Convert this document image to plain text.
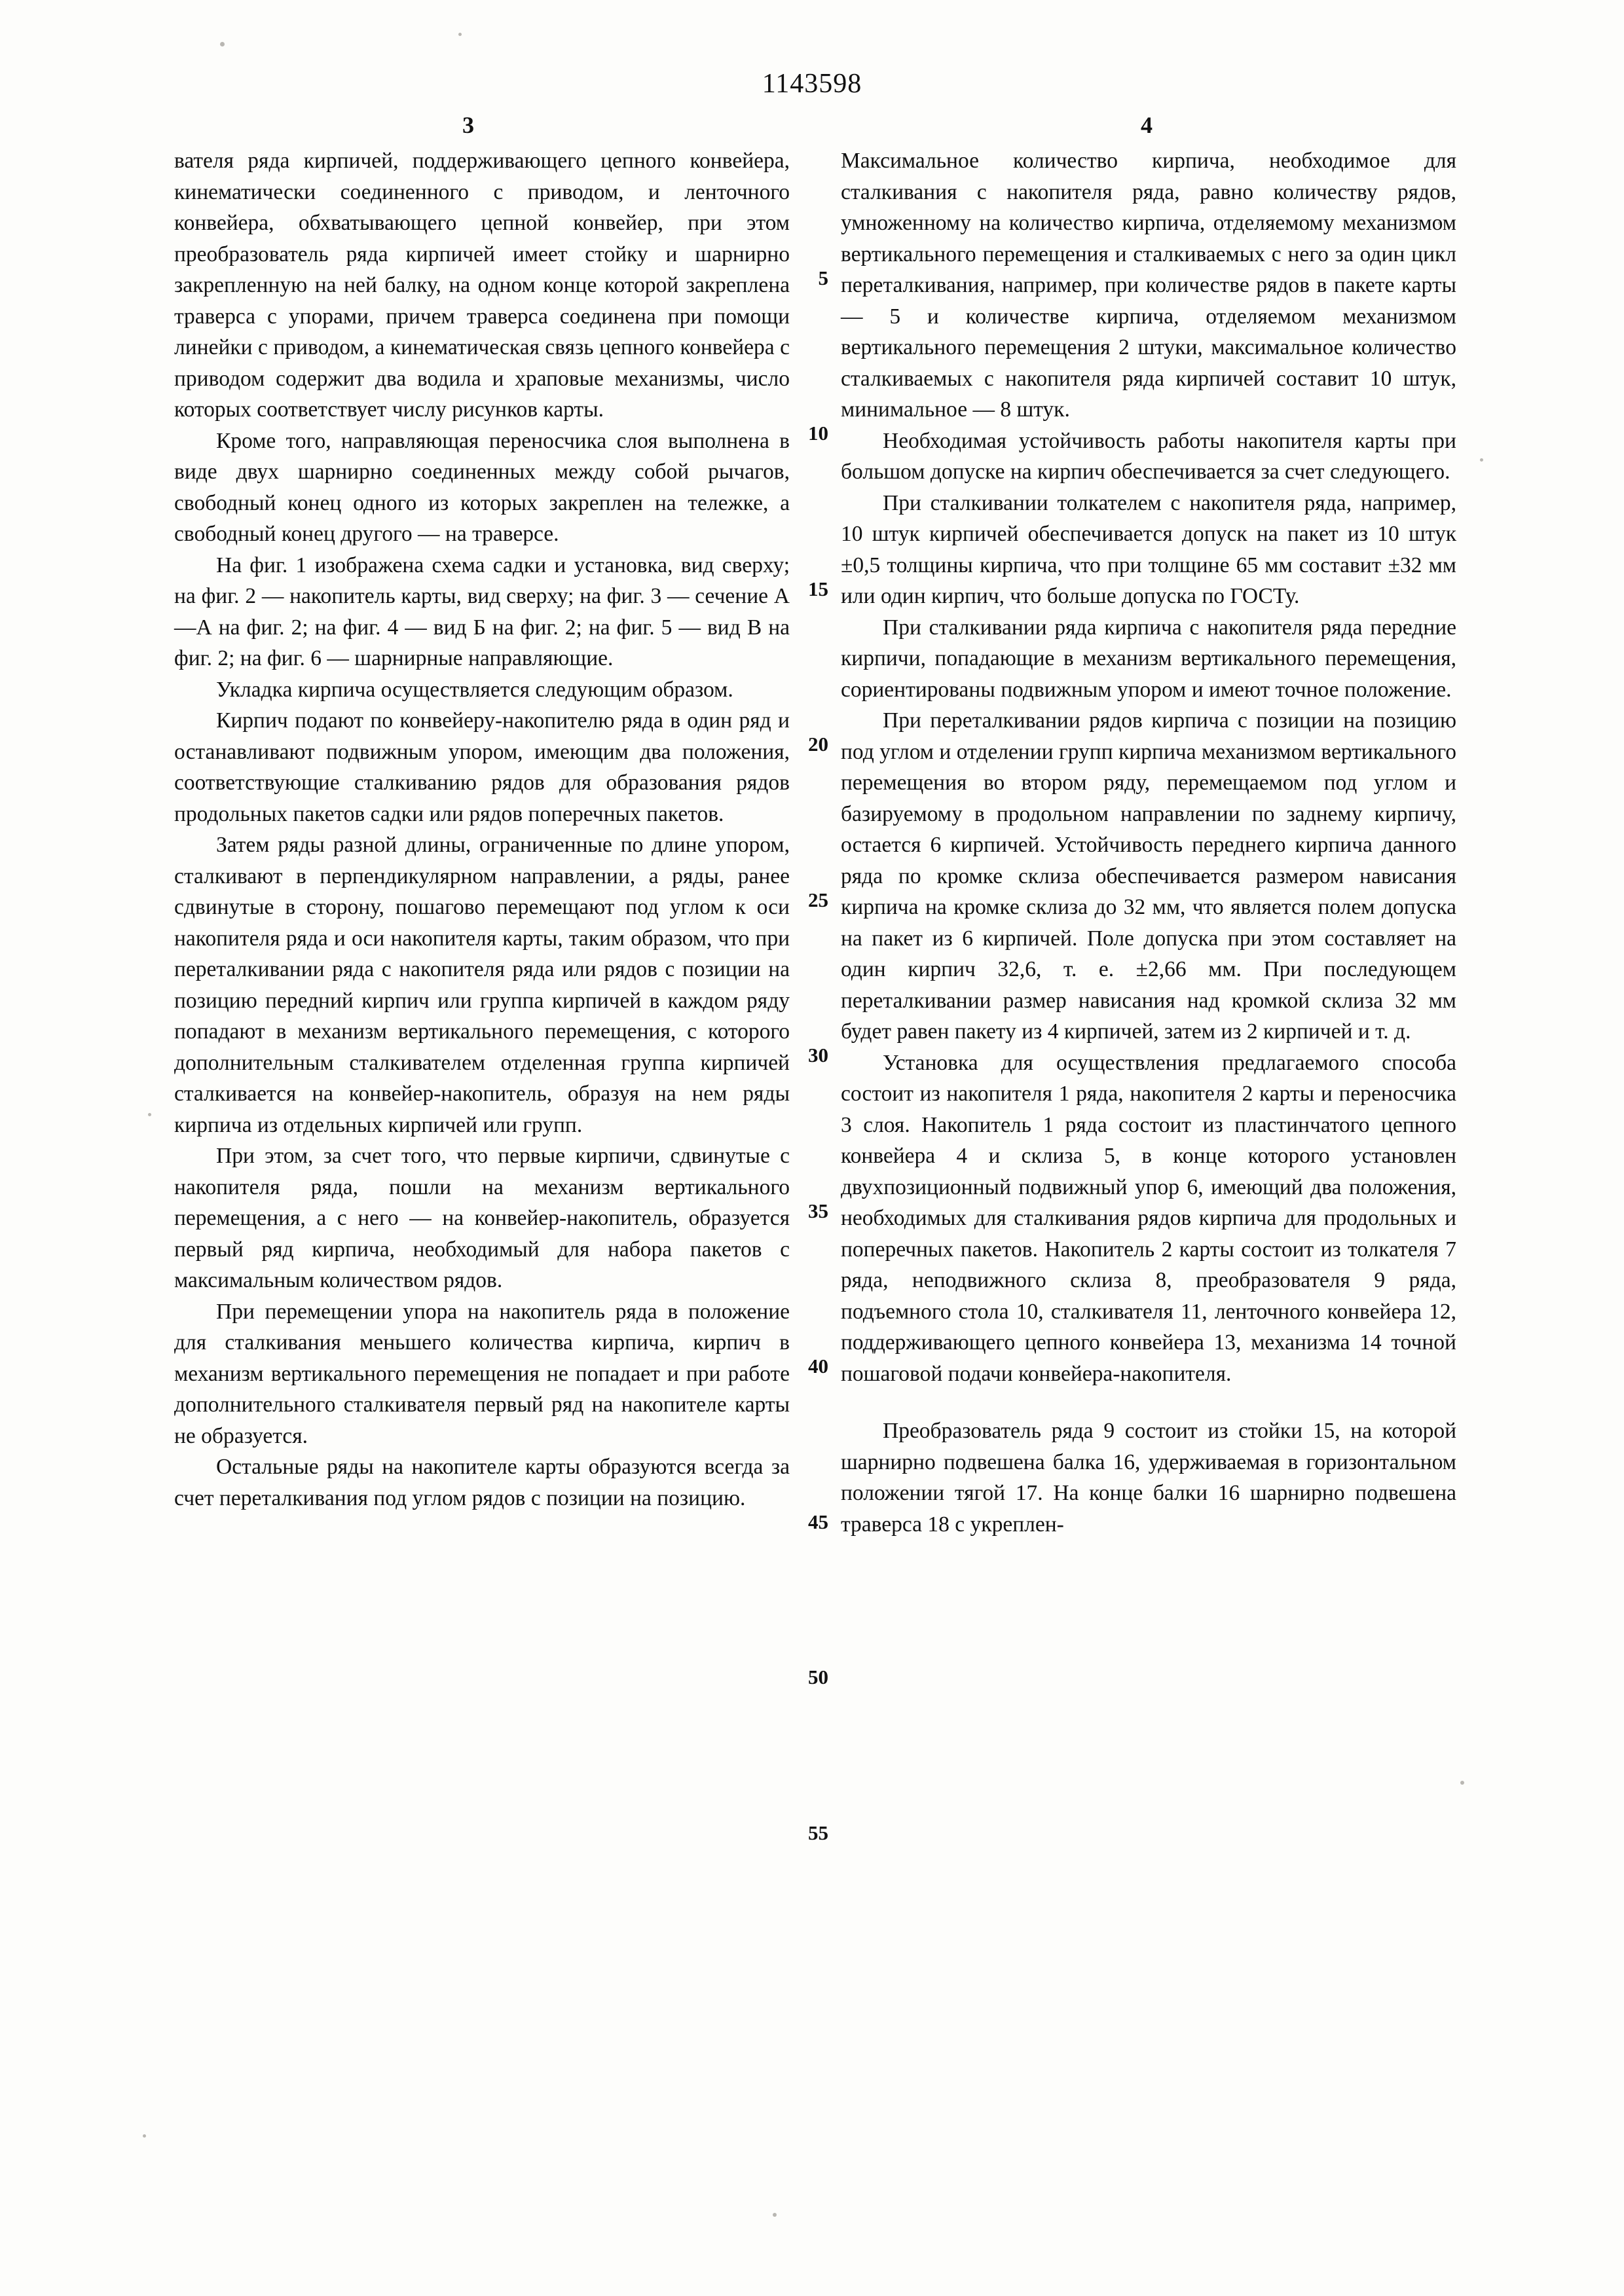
1143598
3	4

вателя ряда кирпичей, поддерживающего цепного конвейера, кинематически соединенного с приводом, и ленточного конвейера, обхватывающего цепной конвейер, при этом преобразователь ряда кирпичей имеет стойку и шарнирно закрепленную на ней балку, на одном конце которой закреплена траверса с упорами, причем траверса соединена при помощи линейки с приводом, а кинематическая связь цепного конвейера с приводом содержит два водила и храповые механизмы, число которых соответствует числу рисунков карты.

Кроме того, направляющая переносчика слоя выполнена в виде двух шарнирно соединенных между собой рычагов, свободный конец одного из которых закреплен на тележке, а свободный конец другого — на траверсе.

На фиг. 1 изображена схема садки и установка, вид сверху; на фиг. 2 — накопитель карты, вид сверху; на фиг. 3 — сечение А—А на фиг. 2; на фиг. 4 — вид Б на фиг. 2; на фиг. 5 — вид В на фиг. 2; на фиг. 6 — шарнирные направляющие.

Укладка кирпича осуществляется следующим образом.

Кирпич подают по конвейеру-накопителю ряда в один ряд и останавливают подвижным упором, имеющим два положения, соответствующие сталкиванию рядов для образования рядов продольных пакетов садки или рядов поперечных пакетов.

Затем ряды разной длины, ограниченные по длине упором, сталкивают в перпендикулярном направлении, а ряды, ранее сдвинутые в сторону, пошагово перемещают под углом к оси накопителя ряда и оси накопителя карты, таким образом, что при переталкивании ряда с накопителя ряда или рядов с позиции на позицию передний кирпич или группа кирпичей в каждом ряду попадают в механизм вертикального перемещения, с которого дополнительным сталкивателем отделенная группа кирпичей сталкивается на конвейер-накопитель, образуя на нем ряды кирпича из отдельных кирпичей или групп.

При этом, за счет того, что первые кирпичи, сдвинутые с накопителя ряда, пошли на механизм вертикального перемещения, а с него — на конвейер-накопитель, образуется первый ряд кирпича, необходимый для набора пакетов с максимальным количеством рядов.

При перемещении упора на накопитель ряда в положение для сталкивания меньшего количества кирпича, кирпич в механизм вертикального перемещения не попадает и при работе дополнительного сталкивателя первый ряд на накопителе карты не образуется.

Остальные ряды на накопителе карты образуются всегда за счет переталкивания под углом рядов с позиции на позицию.

Максимальное количество кирпича, необходимое для сталкивания с накопителя ряда, равно количеству рядов, умноженному на количество кирпича, отделяемому механизмом вертикального перемещения и сталкиваемых с него за один цикл переталкивания, например, при количестве рядов в пакете карты — 5 и количестве кирпича, отделяемом механизмом вертикального перемещения 2 штуки, максимальное количество сталкиваемых с накопителя ряда кирпичей составит 10 штук, минимальное — 8 штук.

Необходимая устойчивость работы накопителя карты при большом допуске на кирпич обеспечивается за счет следующего.

При сталкивании толкателем с накопителя ряда, например, 10 штук кирпичей обеспечивается допуск на пакет из 10 штук ±0,5 толщины кирпича, что при толщине 65 мм составит ±32 мм или один кирпич, что больше допуска по ГОСТу.

При сталкивании ряда кирпича с накопителя ряда передние кирпичи, попадающие в механизм вертикального перемещения, сориентированы подвижным упором и имеют точное положение.

При переталкивании рядов кирпича с позиции на позицию под углом и отделении групп кирпича механизмом вертикального перемещения во втором ряду, перемещаемом под углом и базируемому в продольном направлении по заднему кирпичу, остается 6 кирпичей. Устойчивость переднего кирпича данного ряда по кромке склиза обеспечивается размером нависания кирпича на кромке склиза до 32 мм, что является полем допуска на пакет из 6 кирпичей. Поле допуска при этом составляет на один кирпич 32,6, т. е. ±2,66 мм. При последующем переталкивании размер нависания над кромкой склиза 32 мм будет равен пакету из 4 кирпичей, затем из 2 кирпичей и т. д.

Установка для осуществления предлагаемого способа состоит из накопителя 1 ряда, накопителя 2 карты и переносчика 3 слоя. Накопитель 1 ряда состоит из пластинчатого цепного конвейера 4 и склиза 5, в конце которого установлен двухпозиционный подвижный упор 6, имеющий два положения, необходимых для сталкивания рядов кирпича для продольных и поперечных пакетов. Накопитель 2 карты состоит из толкателя 7 ряда, неподвижного склиза 8, преобразователя 9 ряда, подъемного стола 10, сталкивателя 11, ленточного конвейера 12, поддерживающего цепного конвейера 13, механизма 14 точной пошаговой подачи конвейера-накопителя.

Преобразователь ряда 9 состоит из стойки 15, на которой шарнирно подвешена балка 16, удерживаемая в горизонтальном положении тягой 17. На конце балки 16 шарнирно подвешена траверса 18 с укреплен-

5
10
15
20
25
30
35
40
45
50
55
